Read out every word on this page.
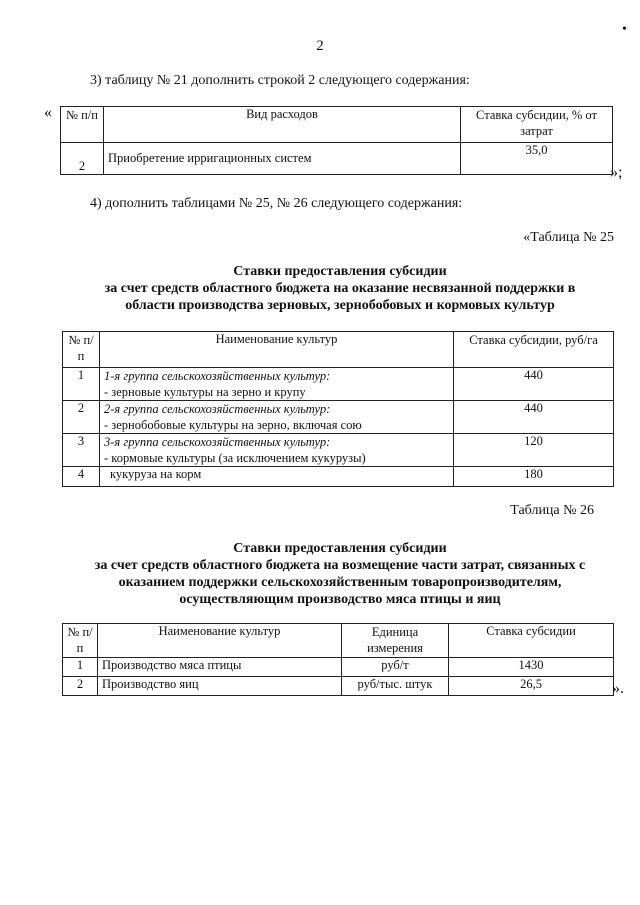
2
•
3) таблицу № 21 дополнить строкой 2 следующего содержания:
« № п/п	Вид расходов	Ставка субсидии, % от затрат
2	Приобретение ирригационных систем	35,0
»;
4) дополнить таблицами № 25, № 26 следующего содержания:
«Таблица № 25
Ставки предоставления субсидии
за счет средств областного бюджета на оказание несвязанной поддержки в
области производства зерновых, зернобобовых и кормовых культур
№ п/п	Наименование культур	Ставка субсидии, руб/га
1	1-я группа сельскохозяйственных культур:
- зерновые культуры на зерно и крупу	440
2	2-я группа сельскохозяйственных культур:
- зернобобовые культуры на зерно, включая сою	440
3	3-я группа сельскохозяйственных культур:
- кормовые культуры (за исключением кукурузы)	120
4	кукуруза на корм	180
Таблица № 26
Ставки предоставления субсидии
за счет средств областного бюджета на возмещение части затрат, связанных с
оказанием поддержки сельскохозяйственным товаропроизводителям,
осуществляющим производство мяса птицы и яиц
№ п/п	Наименование культур	Единица измерения	Ставка субсидии
1	Производство мяса птицы	руб/т	1430
2	Производство яиц	руб/тыс. штук	26,5	».
